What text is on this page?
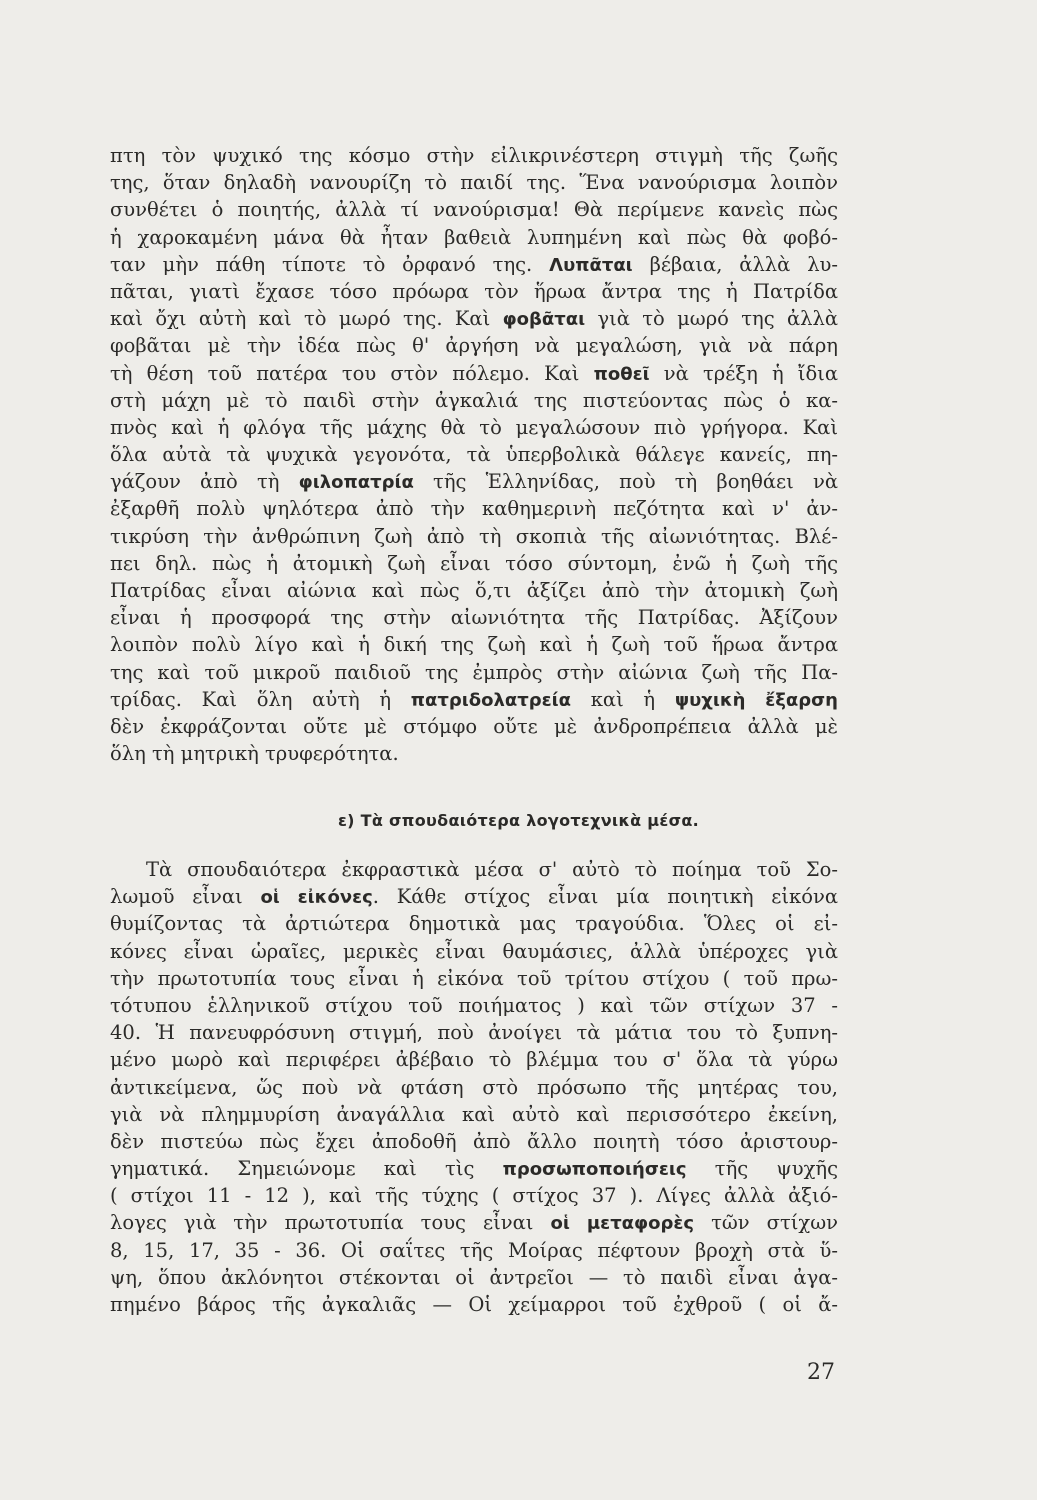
πτη τὸν ψυχικό της κόσμο στὴν εἰλικρινέστερη στιγμὴ τῆς ζωῆς
της, ὅταν δηλαδὴ νανουρίζη τὸ παιδί της. Ἕνα νανούρισμα λοιπὸν
συνθέτει ὁ ποιητής, ἀλλὰ τί νανούρισμα! Θὰ περίμενε κανεὶς πὼς
ἡ χαροκαμένη μάνα θὰ ἦταν βαθειὰ λυπημένη καὶ πὼς θὰ φοβό-
ταν μὴν πάθη τίποτε τὸ ὀρφανό της. Λυπᾶται βέβαια, ἀλλὰ λυ-
πᾶται, γιατὶ ἔχασε τόσο πρόωρα τὸν ἥρωα ἄντρα της ἡ Πατρίδα
καὶ ὄχι αὐτὴ καὶ τὸ μωρό της. Καὶ φοβᾶται γιὰ τὸ μωρό της ἀλλὰ
φοβᾶται μὲ τὴν ἰδέα πὼς θ' ἀργήση νὰ μεγαλώση, γιὰ νὰ πάρη
τὴ θέση τοῦ πατέρα του στὸν πόλεμο. Καὶ ποθεῖ νὰ τρέξη ἡ ἴδια
στὴ μάχη μὲ τὸ παιδὶ στὴν ἀγκαλιά της πιστεύοντας πὼς ὁ κα-
πνὸς καὶ ἡ φλόγα τῆς μάχης θὰ τὸ μεγαλώσουν πιὸ γρήγορα. Καὶ
ὅλα αὐτὰ τὰ ψυχικὰ γεγονότα, τὰ ὑπερβολικὰ θάλεγε κανείς, πη-
γάζουν ἀπὸ τὴ φιλοπατρία τῆς Ἑλληνίδας, ποὺ τὴ βοηθάει νὰ
ἐξαρθῆ πολὺ ψηλότερα ἀπὸ τὴν καθημερινὴ πεζότητα καὶ ν' ἀν-
τικρύση τὴν ἀνθρώπινη ζωὴ ἀπὸ τὴ σκοπιὰ τῆς αἰωνιότητας. Βλέ-
πει δηλ. πὼς ἡ ἀτομικὴ ζωὴ εἶναι τόσο σύντομη, ἐνῶ ἡ ζωὴ τῆς
Πατρίδας εἶναι αἰώνια καὶ πὼς ὅ,τι ἀξίζει ἀπὸ τὴν ἀτομικὴ ζωὴ
εἶναι ἡ προσφορά της στὴν αἰωνιότητα τῆς Πατρίδας. Ἀξίζουν
λοιπὸν πολὺ λίγο καὶ ἡ δική της ζωὴ καὶ ἡ ζωὴ τοῦ ἥρωα ἄντρα
της καὶ τοῦ μικροῦ παιδιοῦ της ἐμπρὸς στὴν αἰώνια ζωὴ τῆς Πα-
τρίδας. Καὶ ὅλη αὐτὴ ἡ πατριδολατρεία καὶ ἡ ψυχικὴ ἔξαρση
δὲν ἐκφράζονται οὔτε μὲ στόμφο οὔτε μὲ ἀνδροπρέπεια ἀλλὰ μὲ
ὅλη τὴ μητρικὴ τρυφερότητα.
ε) Τὰ σπουδαιότερα λογοτεχνικὰ μέσα.
Τὰ σπουδαιότερα ἐκφραστικὰ μέσα σ' αὐτὸ τὸ ποίημα τοῦ Σο-
λωμοῦ εἶναι οἱ εἰκόνες. Κάθε στίχος εἶναι μία ποιητικὴ εἰκόνα
θυμίζοντας τὰ ἀρτιώτερα δημοτικὰ μας τραγούδια. Ὅλες οἱ εἰ-
κόνες εἶναι ὡραῖες, μερικὲς εἶναι θαυμάσιες, ἀλλὰ ὑπέροχες γιὰ
τὴν πρωτοτυπία τους εἶναι ἡ εἰκόνα τοῦ τρίτου στίχου ( τοῦ πρω-
τότυπου ἑλληνικοῦ στίχου τοῦ ποιήματος ) καὶ τῶν στίχων 37 -
40. Ἡ πανευφρόσυνη στιγμή, ποὺ ἀνοίγει τὰ μάτια του τὸ ξυπνη-
μένο μωρὸ καὶ περιφέρει ἀβέβαιο τὸ βλέμμα του σ' ὅλα τὰ γύρω
ἀντικείμενα, ὥς ποὺ νὰ φτάση στὸ πρόσωπο τῆς μητέρας του,
γιὰ νὰ πλημμυρίση ἀναγάλλια καὶ αὐτὸ καὶ περισσότερο ἐκείνη,
δὲν πιστεύω πὼς ἔχει ἀποδοθῆ ἀπὸ ἄλλο ποιητὴ τόσο ἀριστουρ-
γηματικά. Σημειώνομε καὶ τὶς προσωποποιήσεις τῆς ψυχῆς
( στίχοι 11 - 12 ), καὶ τῆς τύχης ( στίχος 37 ). Λίγες ἀλλὰ ἀξιό-
λογες γιὰ τὴν πρωτοτυπία τους εἶναι οἱ μεταφορὲς τῶν στίχων
8, 15, 17, 35 - 36. Οἱ σαΐτες τῆς Μοίρας πέφτουν βροχὴ στὰ ὕ-
ψη, ὅπου ἀκλόνητοι στέκονται οἱ ἀντρεῖοι — τὸ παιδὶ εἶναι ἀγα-
πημένο βάρος τῆς ἀγκαλιᾶς — Οἱ χείμαρροι τοῦ ἐχθροῦ ( οἱ ἄ-
27
